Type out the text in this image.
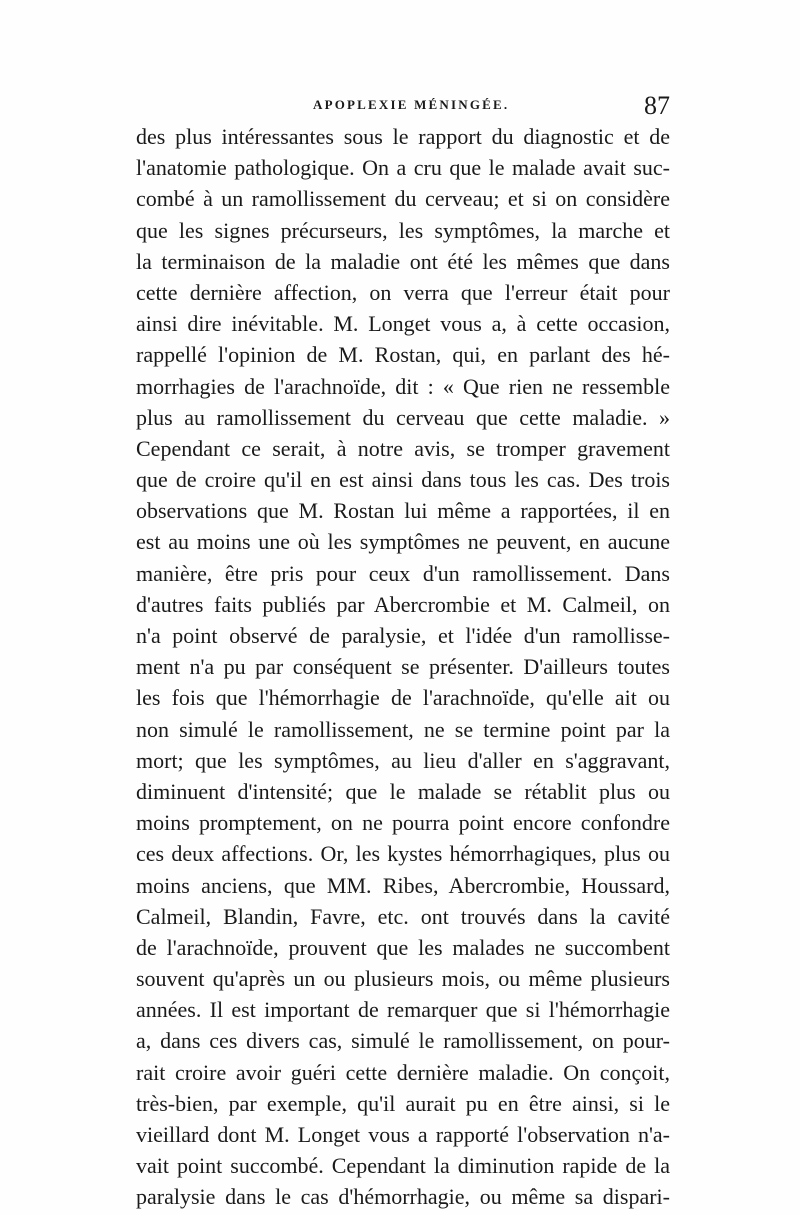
APOPLEXIE MÉNINGÉE.	87
des plus intéressantes sous le rapport du diagnostic et de
l'anatomie pathologique. On a cru que le malade avait suc-
combé à un ramollissement du cerveau; et si on considère
que les signes précurseurs, les symptômes, la marche et
la terminaison de la maladie ont été les mêmes que dans
cette dernière affection, on verra que l'erreur était pour
ainsi dire inévitable. M. Longet vous a, à cette occasion,
rappellé l'opinion de M. Rostan, qui, en parlant des hé-
morrhagies de l'arachnoïde, dit : « Que rien ne ressemble
plus au ramollissement du cerveau que cette maladie. »
Cependant ce serait, à notre avis, se tromper gravement
que de croire qu'il en est ainsi dans tous les cas. Des trois
observations que M. Rostan lui même a rapportées, il en
est au moins une où les symptômes ne peuvent, en aucune
manière, être pris pour ceux d'un ramollissement. Dans
d'autres faits publiés par Abercrombie et M. Calmeil, on
n'a point observé de paralysie, et l'idée d'un ramollisse-
ment n'a pu par conséquent se présenter. D'ailleurs toutes
les fois que l'hémorrhagie de l'arachnoïde, qu'elle ait ou
non simulé le ramollissement, ne se termine point par la
mort; que les symptômes, au lieu d'aller en s'aggravant,
diminuent d'intensité; que le malade se rétablit plus ou
moins promptement, on ne pourra point encore confondre
ces deux affections. Or, les kystes hémorrhagiques, plus ou
moins anciens, que MM. Ribes, Abercrombie, Houssard,
Calmeil, Blandin, Favre, etc. ont trouvés dans la cavité
de l'arachnoïde, prouvent que les malades ne succombent
souvent qu'après un ou plusieurs mois, ou même plusieurs
années. Il est important de remarquer que si l'hémorrhagie
a, dans ces divers cas, simulé le ramollissement, on pour-
rait croire avoir guéri cette dernière maladie. On conçoit,
très-bien, par exemple, qu'il aurait pu en être ainsi, si le
vieillard dont M. Longet vous a rapporté l'observation n'a-
vait point succombé. Cependant la diminution rapide de la
paralysie dans le cas d'hémorrhagie, ou même sa dispari-
